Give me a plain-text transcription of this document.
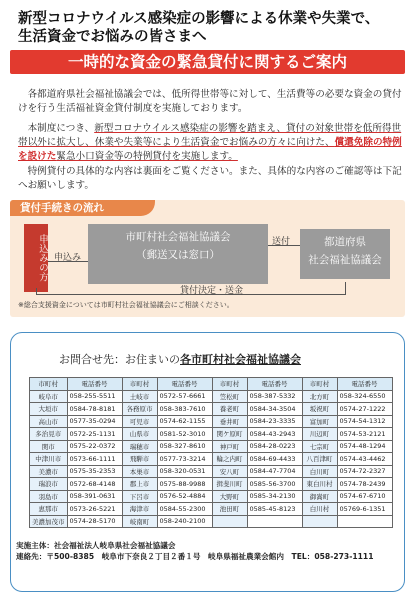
新型コロナウイルス感染症の影響による休業や失業で、
生活資金でお悩みの皆さまへ
一時的な資金の緊急貸付に関するご案内
各都道府県社会福祉協議会では、低所得世帯等に対して、生活費等の必要な資金の貸付けを行う生活福祉資金貸付制度を実施しております。
本制度につき、新型コロナウイルス感染症の影響を踏まえ、貸付の対象世帯を低所得世帯以外に拡大し、休業や失業等により生活資金でお悩みの方々に向けた、償還免除の特例を設けた緊急小口資金等の特例貸付を実施します。
特例貸付の具体的な内容は裏面をご覧ください。また、具体的な内容のご確認等は下記へお願いします。
貸付手続きの流れ
申込みの方 申込み
市町村社会福祉協議会
（郵送又は窓口）
送付	都道府県
社会福祉協議会
貸付決定・送金
※総合支援資金については市町村社会福祉協議会にご相談ください。
お問合せ先：お住まいの各市町村社会福祉協議会
市町村	電話番号	市町村	電話番号	市町村	電話番号	市町村	電話番号
岐阜市	058-255-5511	土岐市	0572-57-6661	笠松町	058-387-5332	北方町	058-324-6550
大垣市	0584-78-8181	各務原市	058-383-7610	養老町	0584-34-3504	坂祝町	0574-27-1222
高山市	0577-35-0294	可児市	0574-62-1155	垂井町	0584-23-3335	富加町	0574-54-1312
多治見市	0572-25-1131	山県市	0581-52-3010	関ケ原町	0584-43-2943	川辺町	0574-53-2121
関市	0575-22-0372	瑞穂市	058-327-8610	神戸町	0584-28-0223	七宗町	0574-48-1294
中津川市	0573-66-1111	飛騨市	0577-73-3214	輪之内町	0584-69-4433	八百津町	0574-43-4462
美濃市	0575-35-2353	本巣市	058-320-0531	安八町	0584-47-7704	白川町	0574-72-2327
瑞浪市	0572-68-4148	郡上市	0575-88-9988	揖斐川町	0585-56-3700	東白川村	0574-78-2439
羽島市	058-391-0631	下呂市	0576-52-4884	大野町	0585-34-2130	御嵩町	0574-67-6710
恵那市	0573-26-5221	海津市	0584-55-2300	池田町	0585-45-8123	白川村	05769-6-1351
美濃加茂市	0574-28-5170	岐南町	058-240-2100				
実施主体：社会福祉法人岐阜県社会福祉協議会
連絡先：〒500-8385　岐阜市下奈良２丁目２番１号　岐阜県福祉農業会館内　TEL：058-273-1111
